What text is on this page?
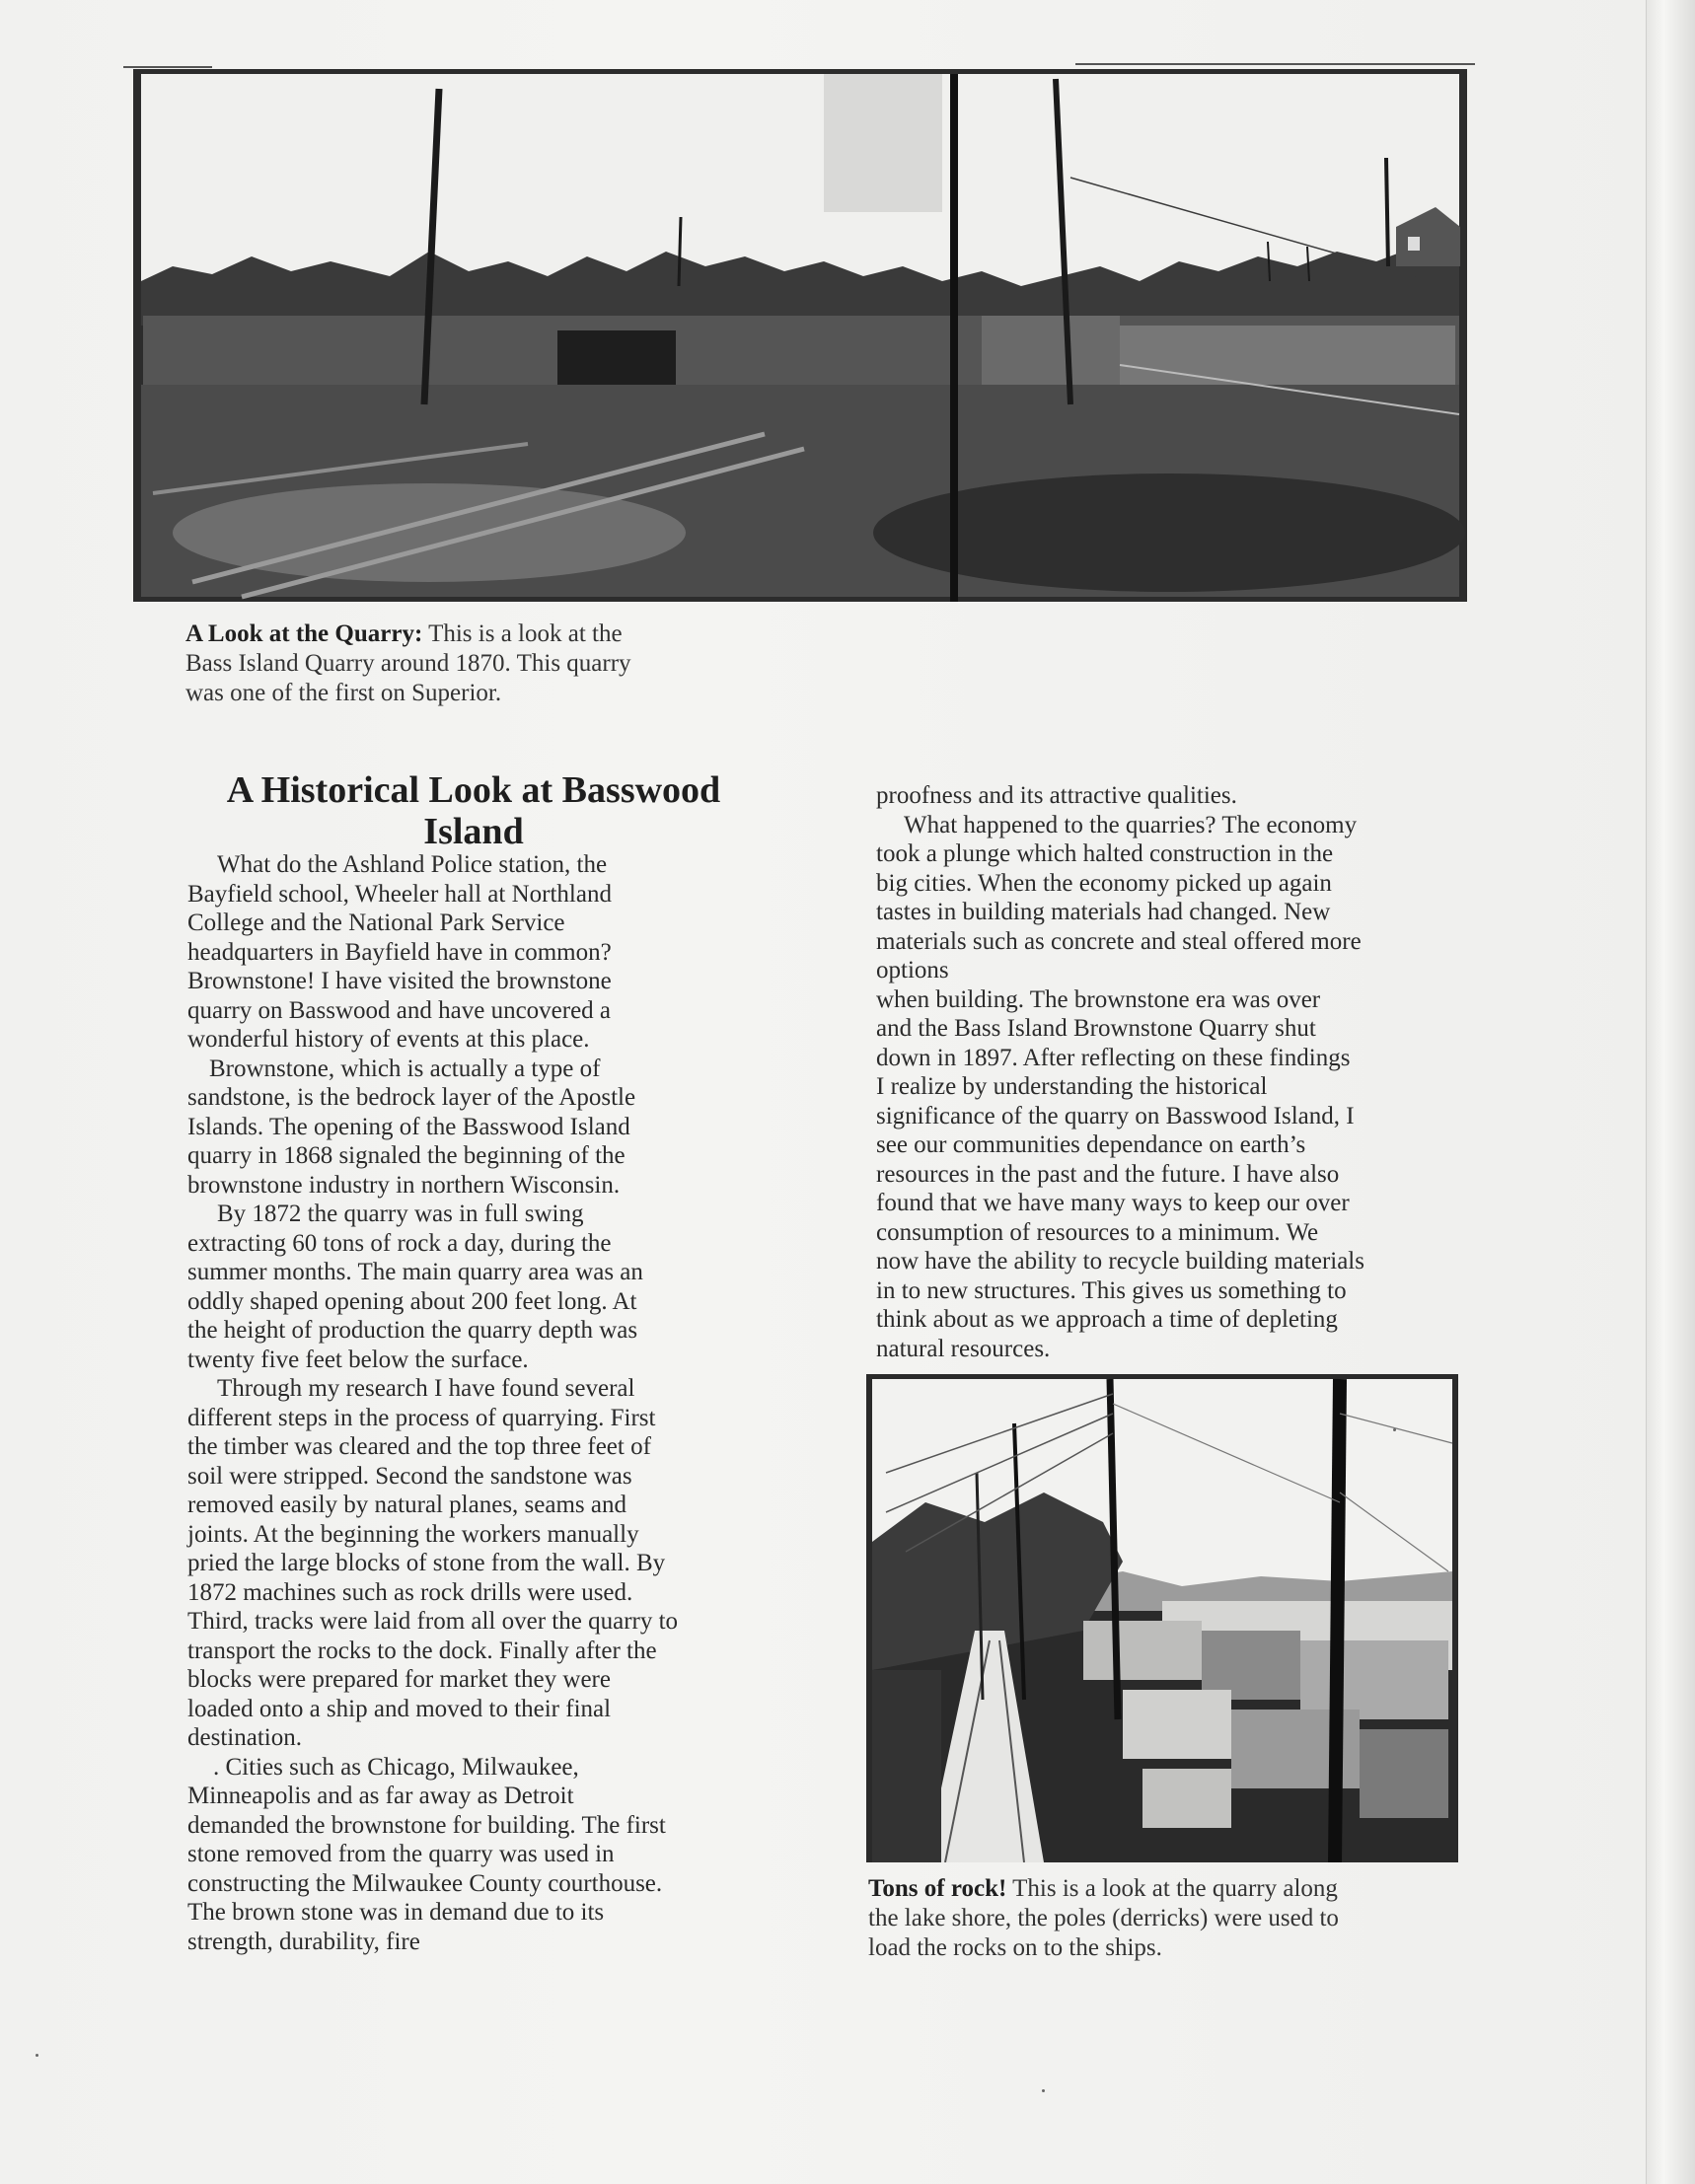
A Look at the Quarry: This is a look at the
Bass Island Quarry around 1870. This quarry
was one of the first on Superior.
A Historical Look at Basswood
Island

What do the Ashland Police station, the

Bayfield school, Wheeler hall at Northland

College and the National Park Service

headquarters in Bayfield have in common?

Brownstone! I have visited the brownstone

quarry on Basswood and have uncovered a

wonderful history of events at this place.

Brownstone, which is actually a type of

sandstone, is the bedrock layer of the Apostle

Islands. The opening of the Basswood Island

quarry in 1868 signaled the beginning of the

brownstone industry in northern Wisconsin.

By 1872 the quarry was in full swing

extracting 60 tons of rock a day, during the

summer months. The main quarry area was an

oddly shaped opening about 200 feet long. At

the height of production the quarry depth was

twenty five feet below the surface.

Through my research I have found several

different steps in the process of quarrying. First

the timber was cleared and the top three feet of

soil were stripped. Second the sandstone was

removed easily by natural planes, seams and

joints. At the beginning the workers manually

pried the large blocks of stone from the wall. By

1872 machines such as rock drills were used.

Third, tracks were laid from all over the quarry to

transport the rocks to the dock. Finally after the

blocks were prepared for market they were

loaded onto a ship and moved to their final

destination.

. Cities such as Chicago, Milwaukee,

Minneapolis and as far away as Detroit

demanded the brownstone for building. The first

stone removed from the quarry was used in

constructing the Milwaukee County courthouse.

The brown stone was in demand due to its

strength, durability, fire

proofness and its attractive qualities.

What happened to the quarries? The economy

took a plunge which halted construction in the

big cities. When the economy picked up again

tastes in building materials had changed. New

materials such as concrete and steal offered more

options

when building. The brownstone era was over

and the Bass Island Brownstone Quarry shut

down in 1897. After reflecting on these findings

I realize by understanding the historical

significance of the quarry on Basswood Island, I

see our communities dependance on earth’s

resources in the past and the future. I have also

found that we have many ways to keep our over

consumption of resources to a minimum. We

now have the ability to recycle building materials

in to new structures. This gives us something to

think about as we approach a time of depleting

natural resources.

Tons of rock! This is a look at the quarry along
the lake shore, the poles (derricks) were used to
load the rocks on to the ships.
